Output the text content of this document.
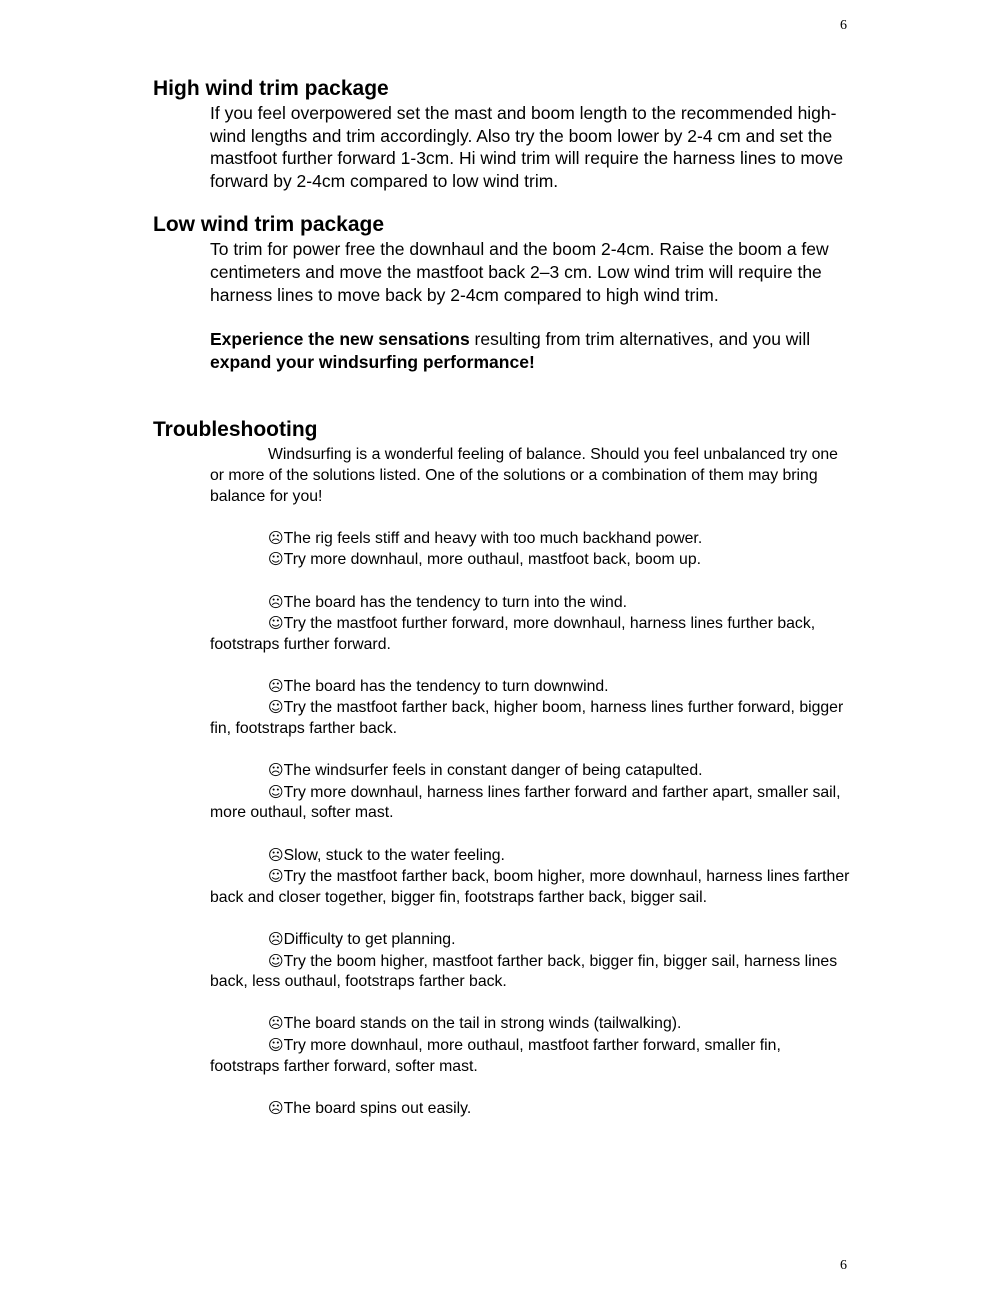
6
High wind trim package

If you feel overpowered set the mast and boom length to the recommended high-wind lengths and trim accordingly. Also try the boom lower by 2-4 cm and set the mastfoot further forward 1-3cm. Hi wind trim will require the harness lines to move forward by 2-4cm compared to low wind trim.

Low wind trim package

To trim for power free the downhaul and the boom 2-4cm. Raise the boom a few centimeters and move the mastfoot back 2–3 cm. Low wind trim will require the harness lines to move back by 2-4cm compared to high wind trim.

Experience the new sensations resulting from trim alternatives, and you will expand your windsurfing performance!

Troubleshooting

Windsurfing is a wonderful feeling of balance. Should you feel unbalanced try one or more of the solutions listed. One of the solutions or a combination of them may bring balance for you!

☹The rig feels stiff and heavy with too much backhand power.

☺Try more downhaul, more outhaul, mastfoot back, boom up.

☹The board has the tendency to turn into the wind.

☺Try the mastfoot further forward, more downhaul, harness lines further back, footstraps further forward.

☹The board has the tendency to turn downwind.

☺Try the mastfoot farther back, higher boom, harness lines further forward, bigger fin, footstraps farther back.

☹The windsurfer feels in constant danger of being catapulted.

☺Try more downhaul, harness lines farther forward and farther apart, smaller sail, more outhaul, softer mast.

☹Slow, stuck to the water feeling.

☺Try the mastfoot farther back, boom higher, more downhaul, harness lines farther back and closer together, bigger fin, footstraps farther back, bigger sail.

☹Difficulty to get planning.

☺Try the boom higher, mastfoot farther back, bigger fin, bigger sail, harness lines back, less outhaul, footstraps farther back.

☹The board stands on the tail in strong winds (tailwalking).

☺Try more downhaul, more outhaul, mastfoot farther forward, smaller fin, footstraps farther forward, softer mast.

☹The board spins out easily.

6
